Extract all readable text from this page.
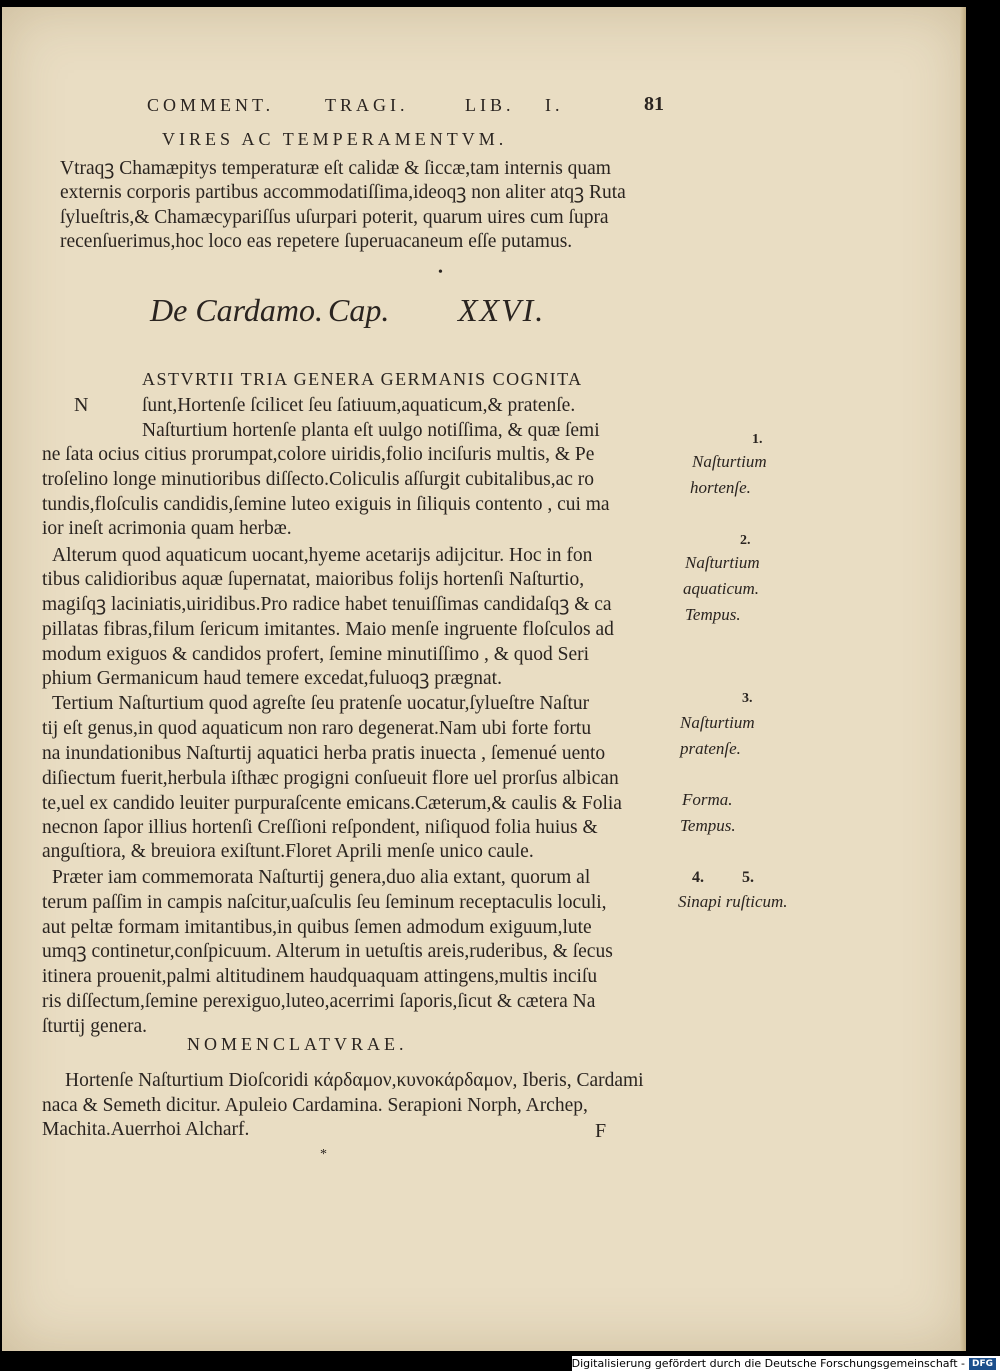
COMMENT.	TRAGI.	LIB. I.	81
VIRES AC TEMPERAMENTVM.
Vtraqꝫ Chamæpitys temperaturæ eſt calidæ & ſiccæ,tam internis quam
externis corporis partibus accommodatiſſima,ideoqꝫ non aliter atqꝫ Ruta
ſylueſtris,& Chamæcypariſſus uſurpari poterit, quarum uires cum ſupra
recenſuerimus,hoc loco eas repetere ſuperuacaneum eſſe putamus.
De Cardamo. Cap. XXVI.
ASTVRTII TRIA GENERA GERMANIS COGNITA
N	ſunt,Hortenſe ſcilicet ſeu ſatiuum,aquaticum,& pratenſe.
Naſturtium hortenſe planta eſt uulgo notiſſima, & quæ ſemi
ne ſata ocius citius prorumpat,colore uiridis,folio inciſuris multis, & Pe
troſelino longe minutioribus diſſecto.Coliculis aſſurgit cubitalibus,ac ro
tundis,floſculis candidis,ſemine luteo exiguis in ſiliquis contento , cui ma
ior ineſt acrimonia quam herbæ.
Alterum quod aquaticum uocant,hyeme acetarijs adijcitur. Hoc in fon
tibus calidioribus aquæ ſupernatat, maioribus folijs hortenſi Naſturtio,
magiſqꝫ laciniatis,uiridibus.Pro radice habet tenuiſſimas candidaſqꝫ & ca
pillatas fibras,filum ſericum imitantes. Maio menſe ingruente floſculos ad
modum exiguos & candidos profert, ſemine minutiſſimo , & quod Seri
phium Germanicum haud temere excedat,fuluoqꝫ prægnat.
Tertium Naſturtium quod agreſte ſeu pratenſe uocatur,ſylueſtre Naſtur
tij eſt genus,in quod aquaticum non raro degenerat.Nam ubi forte fortu
na inundationibus Naſturtij aquatici herba pratis inuecta , ſemenué uento
diſiectum fuerit,herbula iſthæc progigni conſueuit flore uel prorſus albican
te,uel ex candido leuiter purpuraſcente emicans.Cæterum,& caulis & Folia
necnon ſapor illius hortenſi Creſſioni reſpondent, niſiquod folia huius &
anguſtiora, & breuiora exiſtunt.Floret Aprili menſe unico caule.
Præter iam commemorata Naſturtij genera,duo alia extant, quorum al
terum paſſim in campis naſcitur,uaſculis ſeu ſeminum receptaculis loculi,
aut peltæ formam imitantibus,in quibus ſemen admodum exiguum,lute
umqꝫ continetur,conſpicuum. Alterum in uetuſtis areis,ruderibus, & ſecus
itinera prouenit,palmi altitudinem haudquaquam attingens,multis inciſu
ris diſſectum,ſemine perexiguo,luteo,acerrimi ſaporis,ſicut & cætera Na
ſturtij genera.
1.
Naſturtium
hortenſe.
2.
Naſturtium
aquaticum.
Tempus.
3.
Naſturtium
pratenſe.
Forma.
Tempus.
4. 5.
Sinapi ruſticum.
NOMENCLATVRAE.
Hortenſe Naſturtium Dioſcoridi κάρδαμον,κυνοκάρδαμον, Iberis, Cardami
naca & Semeth dicitur. Apuleio Cardamina. Serapioni Norph, Archep,
Machita.Auerrhoi Alcharf.	F
•
*
Digitalisierung gefördert durch die Deutsche Forschungsgemeinschaft - DFG
